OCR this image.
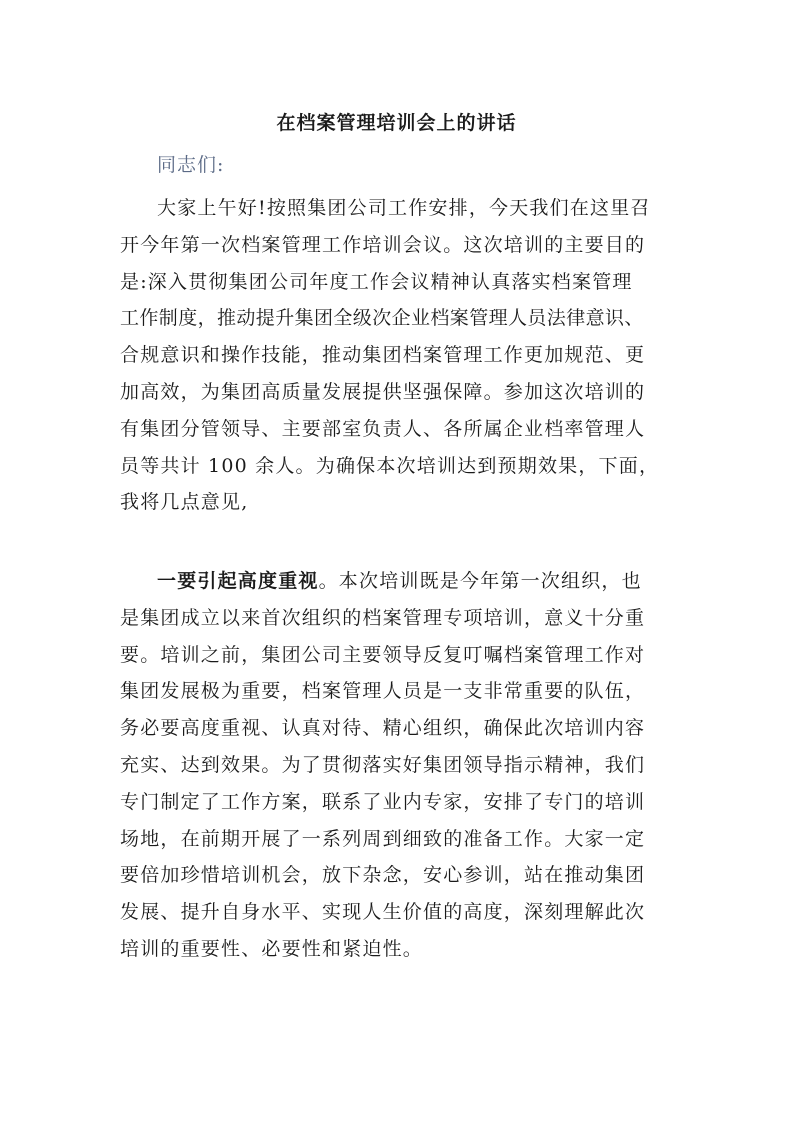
在档案管理培训会上的讲话
同志们:
大家上午好!按照集团公司工作安排，今天我们在这里召
开今年第一次档案管理工作培训会议。这次培训的主要目的
是:深入贯彻集团公司年度工作会议精神认真落实档案管理
工作制度，推动提升集团全级次企业档案管理人员法律意识、
合规意识和操作技能，推动集团档案管理工作更加规范、更
加高效，为集团高质量发展提供坚强保障。参加这次培训的
有集团分管领导、主要部室负责人、各所属企业档率管理人
员等共计 100 余人。为确保本次培训达到预期效果，下面，
我将几点意见,
一要引起高度重视。本次培训既是今年第一次组织，也
是集团成立以来首次组织的档案管理专项培训，意义十分重
要。培训之前，集团公司主要领导反复叮嘱档案管理工作对
集团发展极为重要，档案管理人员是一支非常重要的队伍，
务必要高度重视、认真对待、精心组织，确保此次培训内容
充实、达到效果。为了贯彻落实好集团领导指示精神，我们
专门制定了工作方案，联系了业内专家，安排了专门的培训
场地，在前期开展了一系列周到细致的准备工作。大家一定
要倍加珍惜培训机会，放下杂念，安心参训，站在推动集团
发展、提升自身水平、实现人生价值的高度，深刻理解此次
培训的重要性、必要性和紧迫性。
